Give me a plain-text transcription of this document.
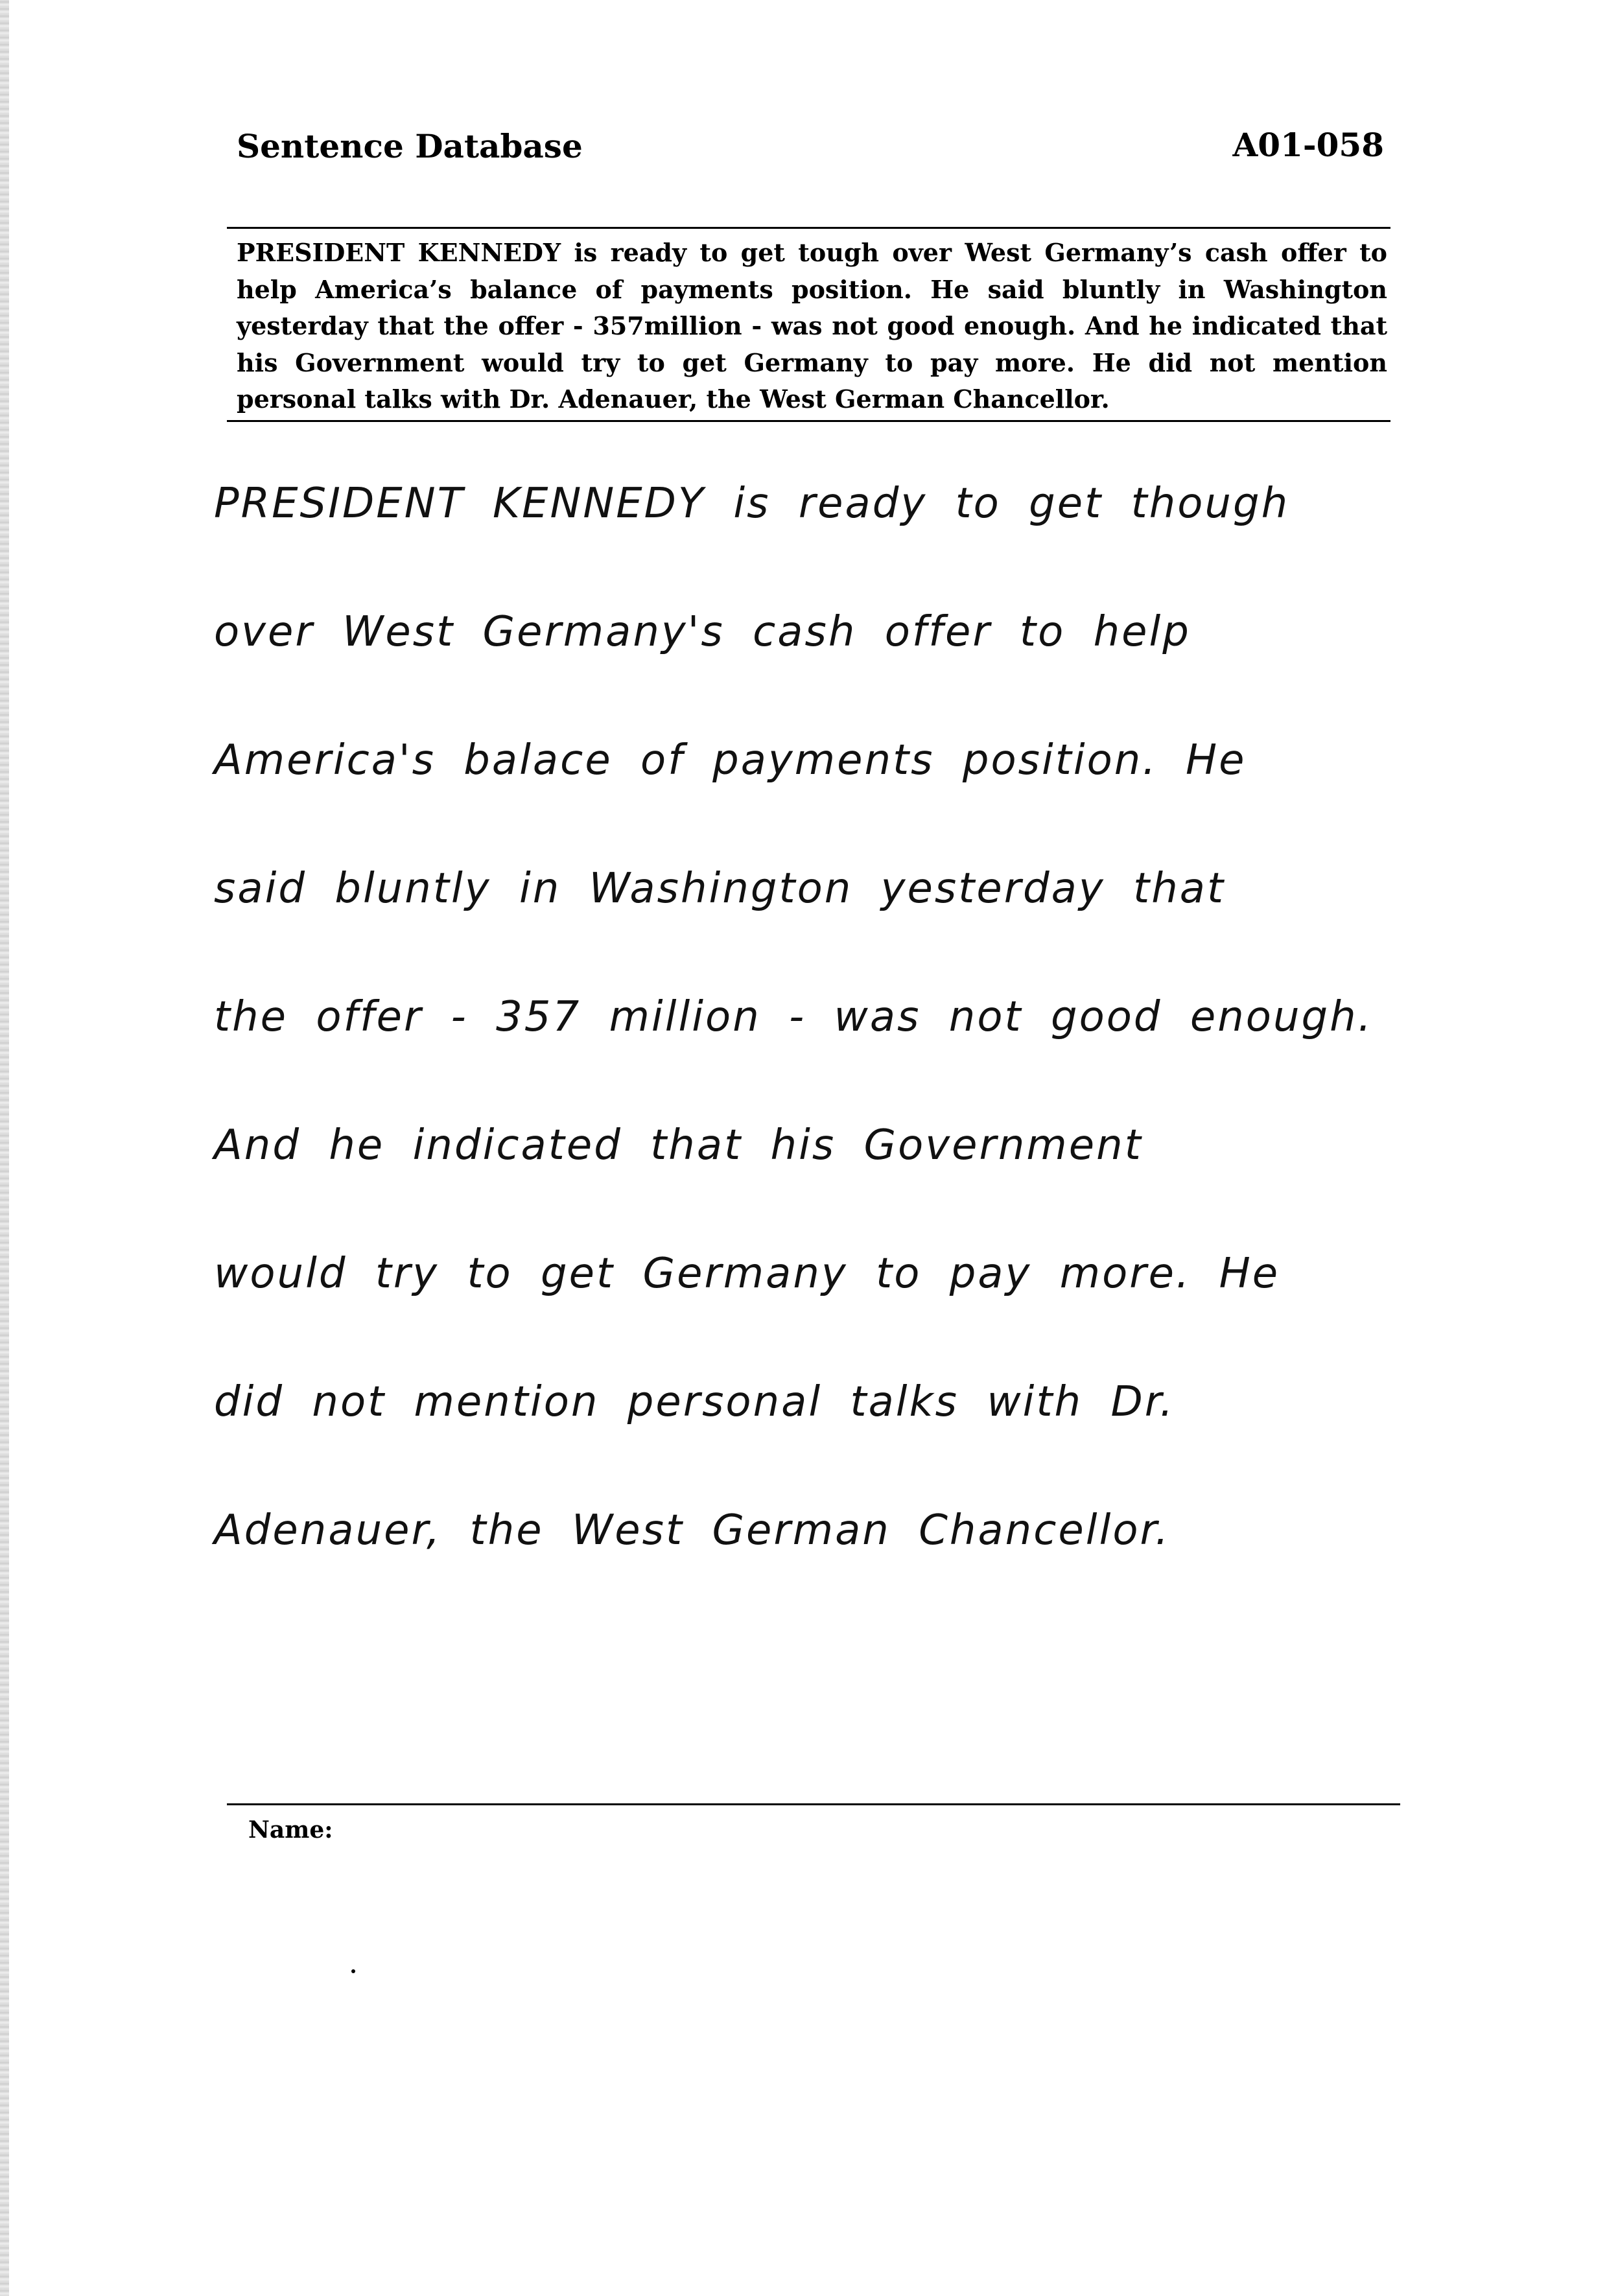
Sentence Database	A01-058

PRESIDENT KENNEDY is ready to get tough over West Germany’s cash offer to help America’s balance of payments position. He said bluntly in Washington yesterday that the offer - 357million - was not good enough. And he indicated that his Government would try to get Germany to pay more. He did not mention personal talks with Dr. Adenauer, the West German Chancellor.

PRESIDENT KENNEDY is ready to get though
over West Germany's cash offer to help
America's balace of payments position. He
said bluntly in Washington yesterday that
the offer - 357 million - was not good enough.
And he indicated that his Government
would try to get Germany to pay more. He
did not mention personal talks with Dr.
Adenauer, the West German Chancellor.
Name:
